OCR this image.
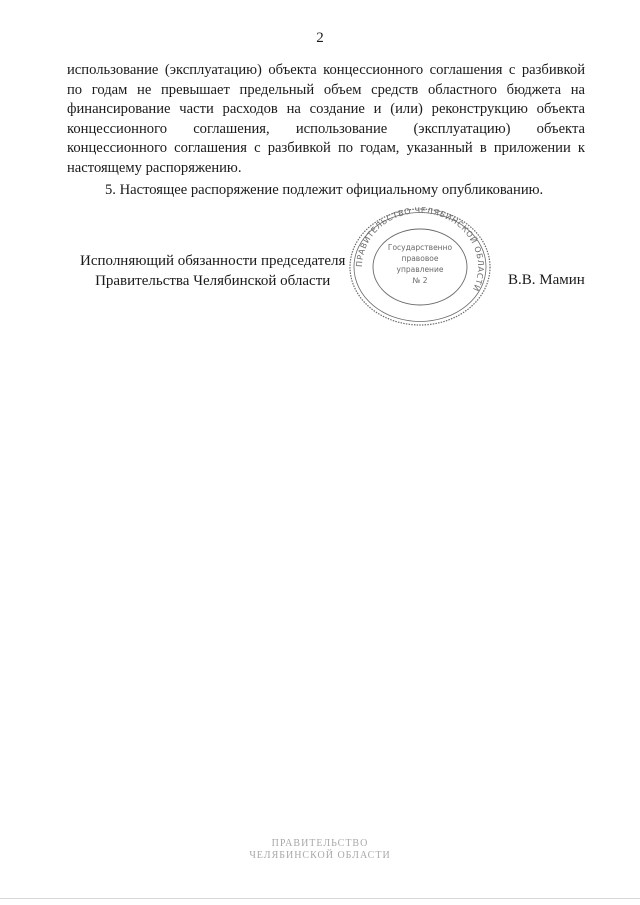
2

использование (эксплуатацию) объекта концессионного соглашения с разбивкой по годам не превышает предельный объем средств областного бюджета на финансирование части расходов на создание и (или) реконструкцию объекта концессионного соглашения, использование (эксплуатацию) объекта концессионного соглашения с разбивкой по годам, указанный в приложении к настоящему распоряжению.

5. Настоящее распоряжение подлежит официальному опубликованию.

Исполняющий обязанности председателя
Правительства Челябинской области	В.В. Мамин
ПРАВИТЕЛЬСТВО ЧЕЛЯБИНСКОЙ ОБЛАСТИ
Государственно
правовое
управление
№ 2
ПРАВИТЕЛЬСТВО
ЧЕЛЯБИНСКОЙ ОБЛАСТИ
